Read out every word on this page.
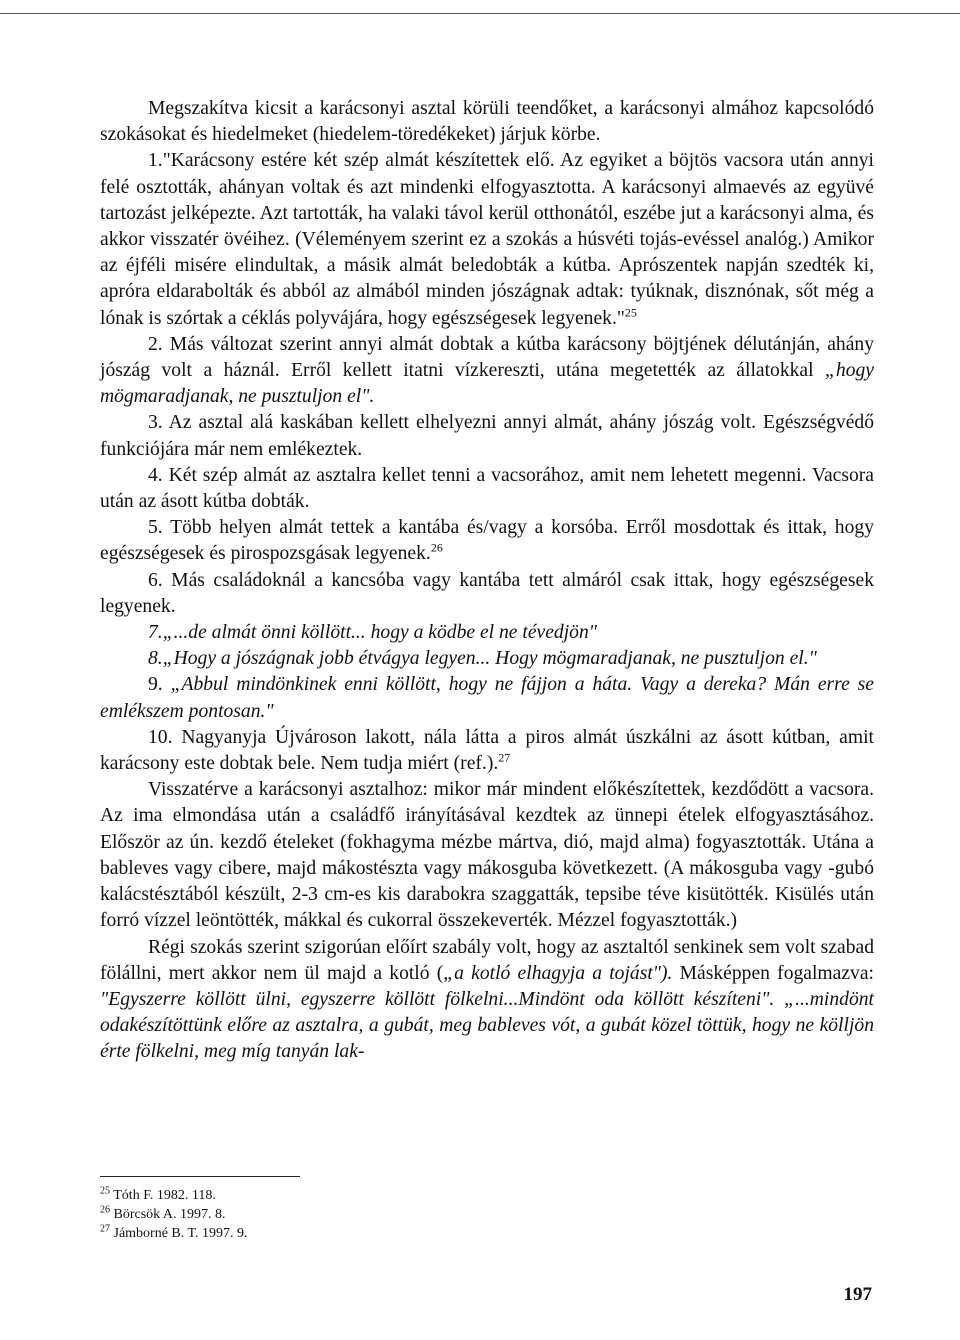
Megszakítva kicsit a karácsonyi asztal körüli teendőket, a karácsonyi almához kapcsolódó szokásokat és hiedelmeket (hiedelem-töredékeket) járjuk körbe.

1."Karácsony estére két szép almát készítettek elő. Az egyiket a böjtös vacsora után annyi felé osztották, ahányan voltak és azt mindenki elfogyasztotta. A karácsonyi almaevés az együvé tartozást jelképezte. Azt tartották, ha valaki távol kerül otthonától, eszébe jut a karácsonyi alma, és akkor visszatér övéihez. (Véleményem szerint ez a szokás a húsvéti tojás-evéssel analóg.) Amikor az éjféli misére elindultak, a másik almát beledobták a kútba. Aprószentek napján szedték ki, apróra eldarabolták és abból az almából minden jószágnak adtak: tyúknak, disznónak, sőt még a lónak is szórtak a céklás polyvájára, hogy egészségesek legyenek."$^{25}$

2. Más változat szerint annyi almát dobtak a kútba karácsony böjtjének délutánján, ahány jószág volt a háznál. Erről kellett itatni vízkereszti, utána megetették az állatokkal „hogy mögmaradjanak, ne pusztuljon el".

3. Az asztal alá kaskában kellett elhelyezni annyi almát, ahány jószág volt. Egészségvédő funkciójára már nem emlékeztek.

4. Két szép almát az asztalra kellet tenni a vacsorához, amit nem lehetett megenni. Vacsora után az ásott kútba dobták.

5. Több helyen almát tettek a kantába és/vagy a korsóba. Erről mosdottak és ittak, hogy egészségesek és pirospozsgásak legyenek.$^{26}$

6. Más családoknál a kancsóba vagy kantába tett almáról csak ittak, hogy egészségesek legyenek.

7.„...de almát önni köllött... hogy a ködbe el ne tévedjön"

8.„Hogy a jószágnak jobb étvágya legyen... Hogy mögmaradjanak, ne pusztuljon el."

9. „Abbul mindönkinek enni köllött, hogy ne fájjon a háta. Vagy a dereka? Mán erre se emlékszem pontosan."

10. Nagyanyja Újvároson lakott, nála látta a piros almát úszkálni az ásott kútban, amit karácsony este dobtak bele. Nem tudja miért (ref.).$^{27}$

Visszatérve a karácsonyi asztalhoz: mikor már mindent előkészítettek, kezdődött a vacsora. Az ima elmondása után a családfő irányításával kezdtek az ünnepi ételek elfogyasztásához. Először az ún. kezdő ételeket (fokhagyma mézbe mártva, dió, majd alma) fogyasztották. Utána a bableves vagy cibere, majd mákostészta vagy mákosguba következett. (A mákosguba vagy -gubó kalácstésztából készült, 2-3 cm-es kis darabokra szaggatták, tepsibe téve kisütötték. Kisülés után forró vízzel leöntötték, mákkal és cukorral összekeverték. Mézzel fogyasztották.)

Régi szokás szerint szigorúan előírt szabály volt, hogy az asztaltól senkinek sem volt szabad fölállni, mert akkor nem ül majd a kotló („a kotló elhagyja a tojást"). Másképpen fogalmazva: "Egyszerre köllött ülni, egyszerre köllött fölkelni...Mindönt oda köllött készíteni". „...mindönt odakészítöttünk előre az asztalra, a gubát, meg bableves vót, a gubát közel töttük, hogy ne kölljön érte fölkelni, meg míg tanyán lak-

$^{25}$ Tóth F. 1982. 118.
$^{26}$ Börcsök A. 1997. 8.
$^{27}$ Jámborné B. T. 1997. 9.
197
